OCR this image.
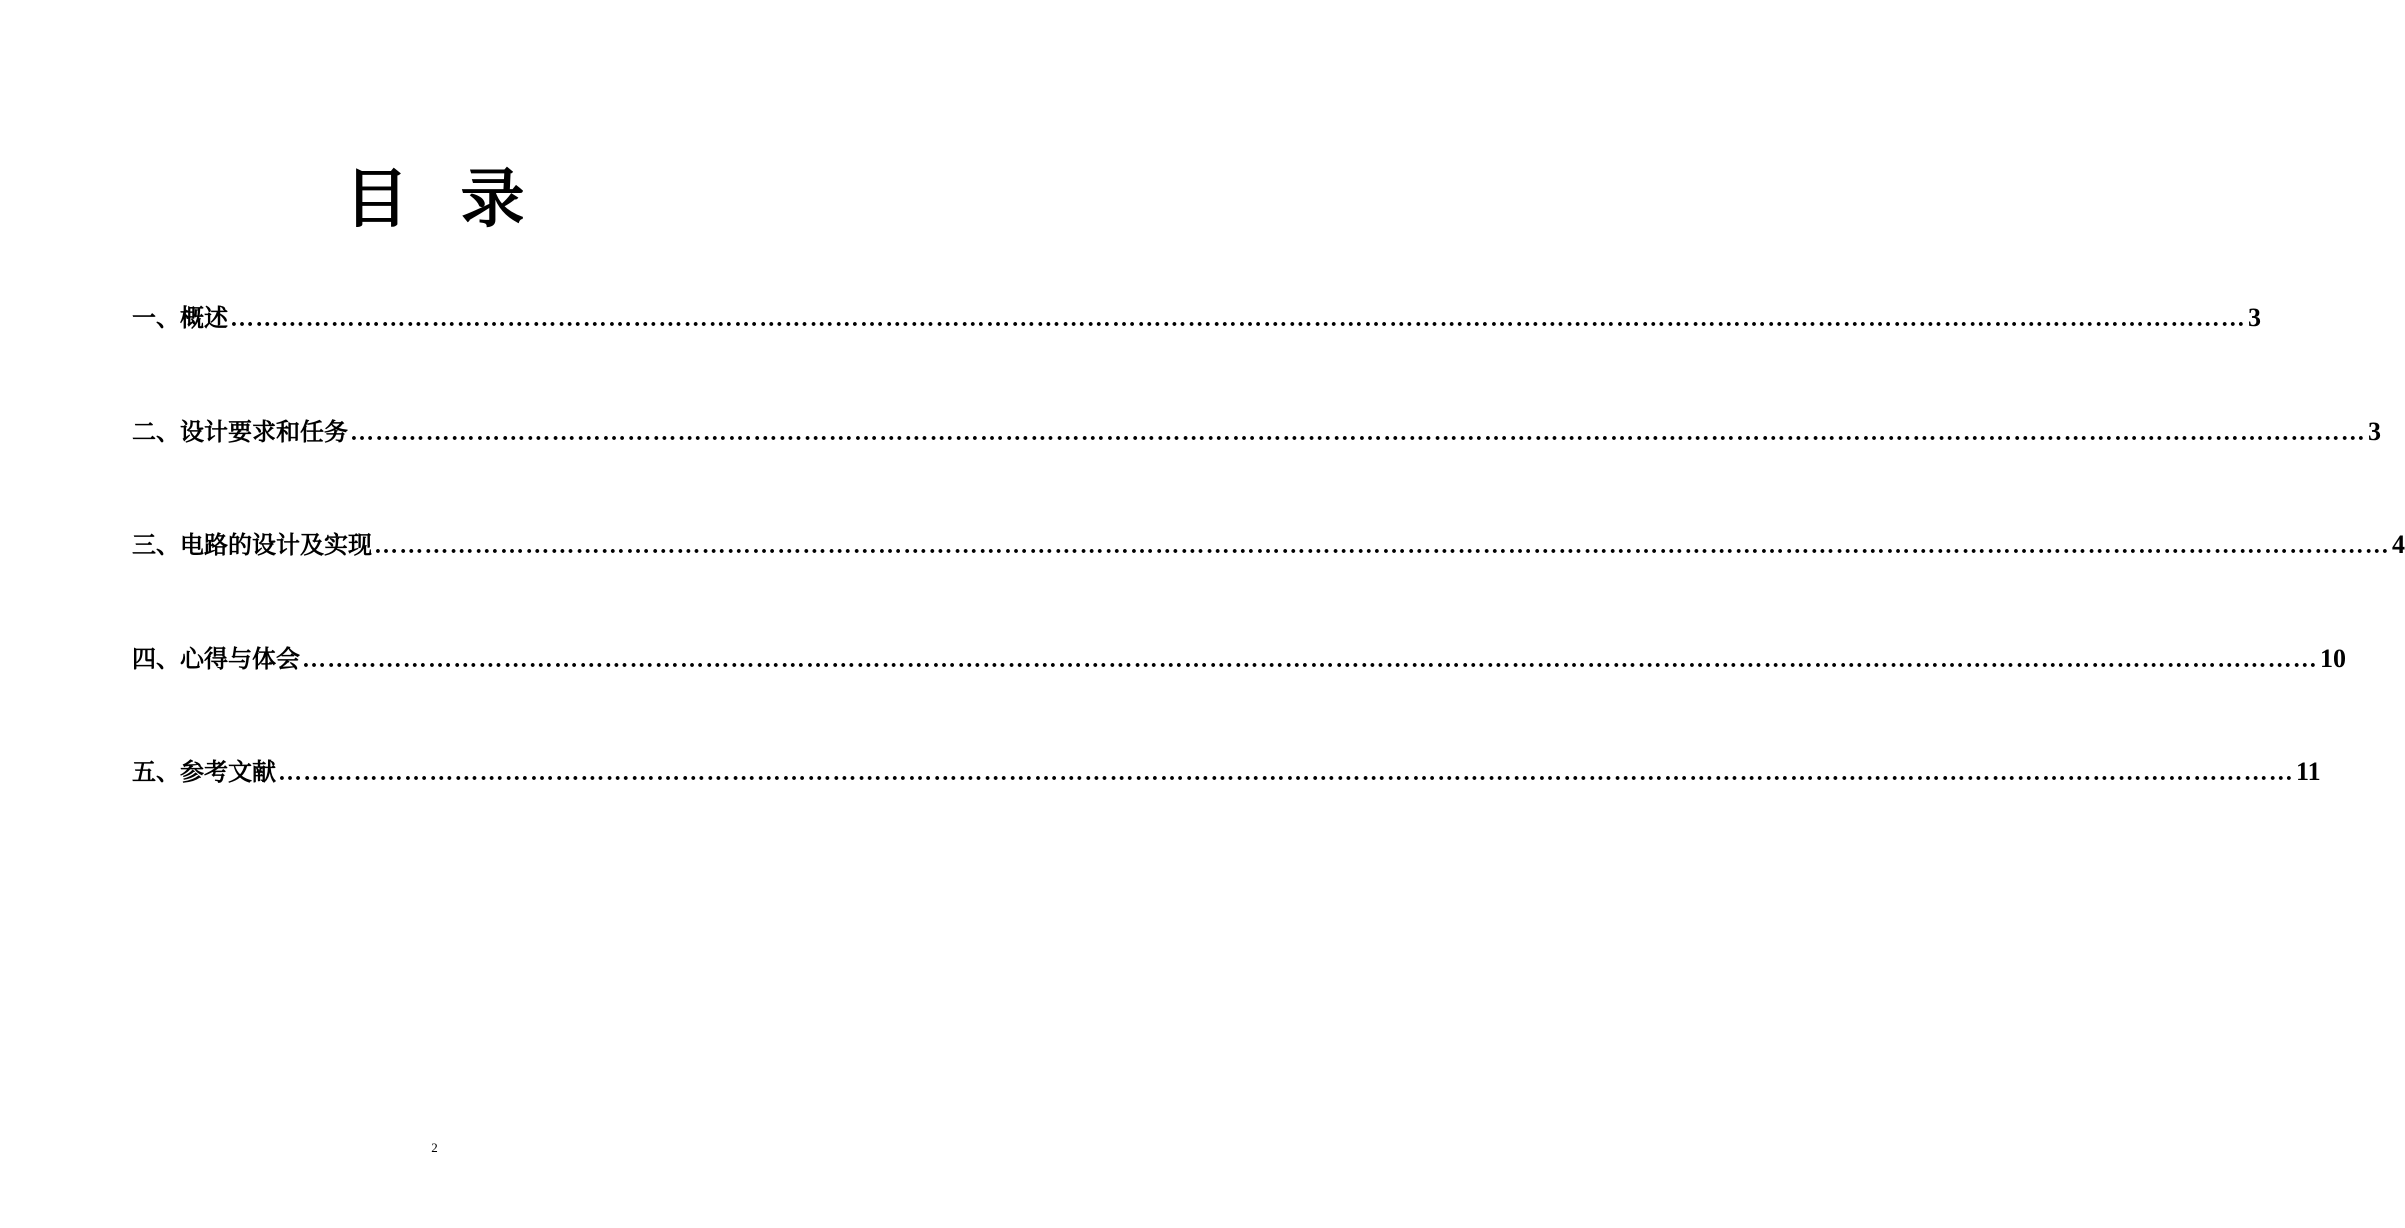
目录
一、概述 …………………………………………………………………………………………………………………………………………………………………………………………………………………… 3
二、设计要求和任务 …………………………………………………………………………………………………………………………………………………………………………………………………………………… 3
三、电路的设计及实现 …………………………………………………………………………………………………………………………………………………………………………………………………………………… 4
四、心得与体会 …………………………………………………………………………………………………………………………………………………………………………………………………………………… 10
五、参考文献 …………………………………………………………………………………………………………………………………………………………………………………………………………………… 11
2
